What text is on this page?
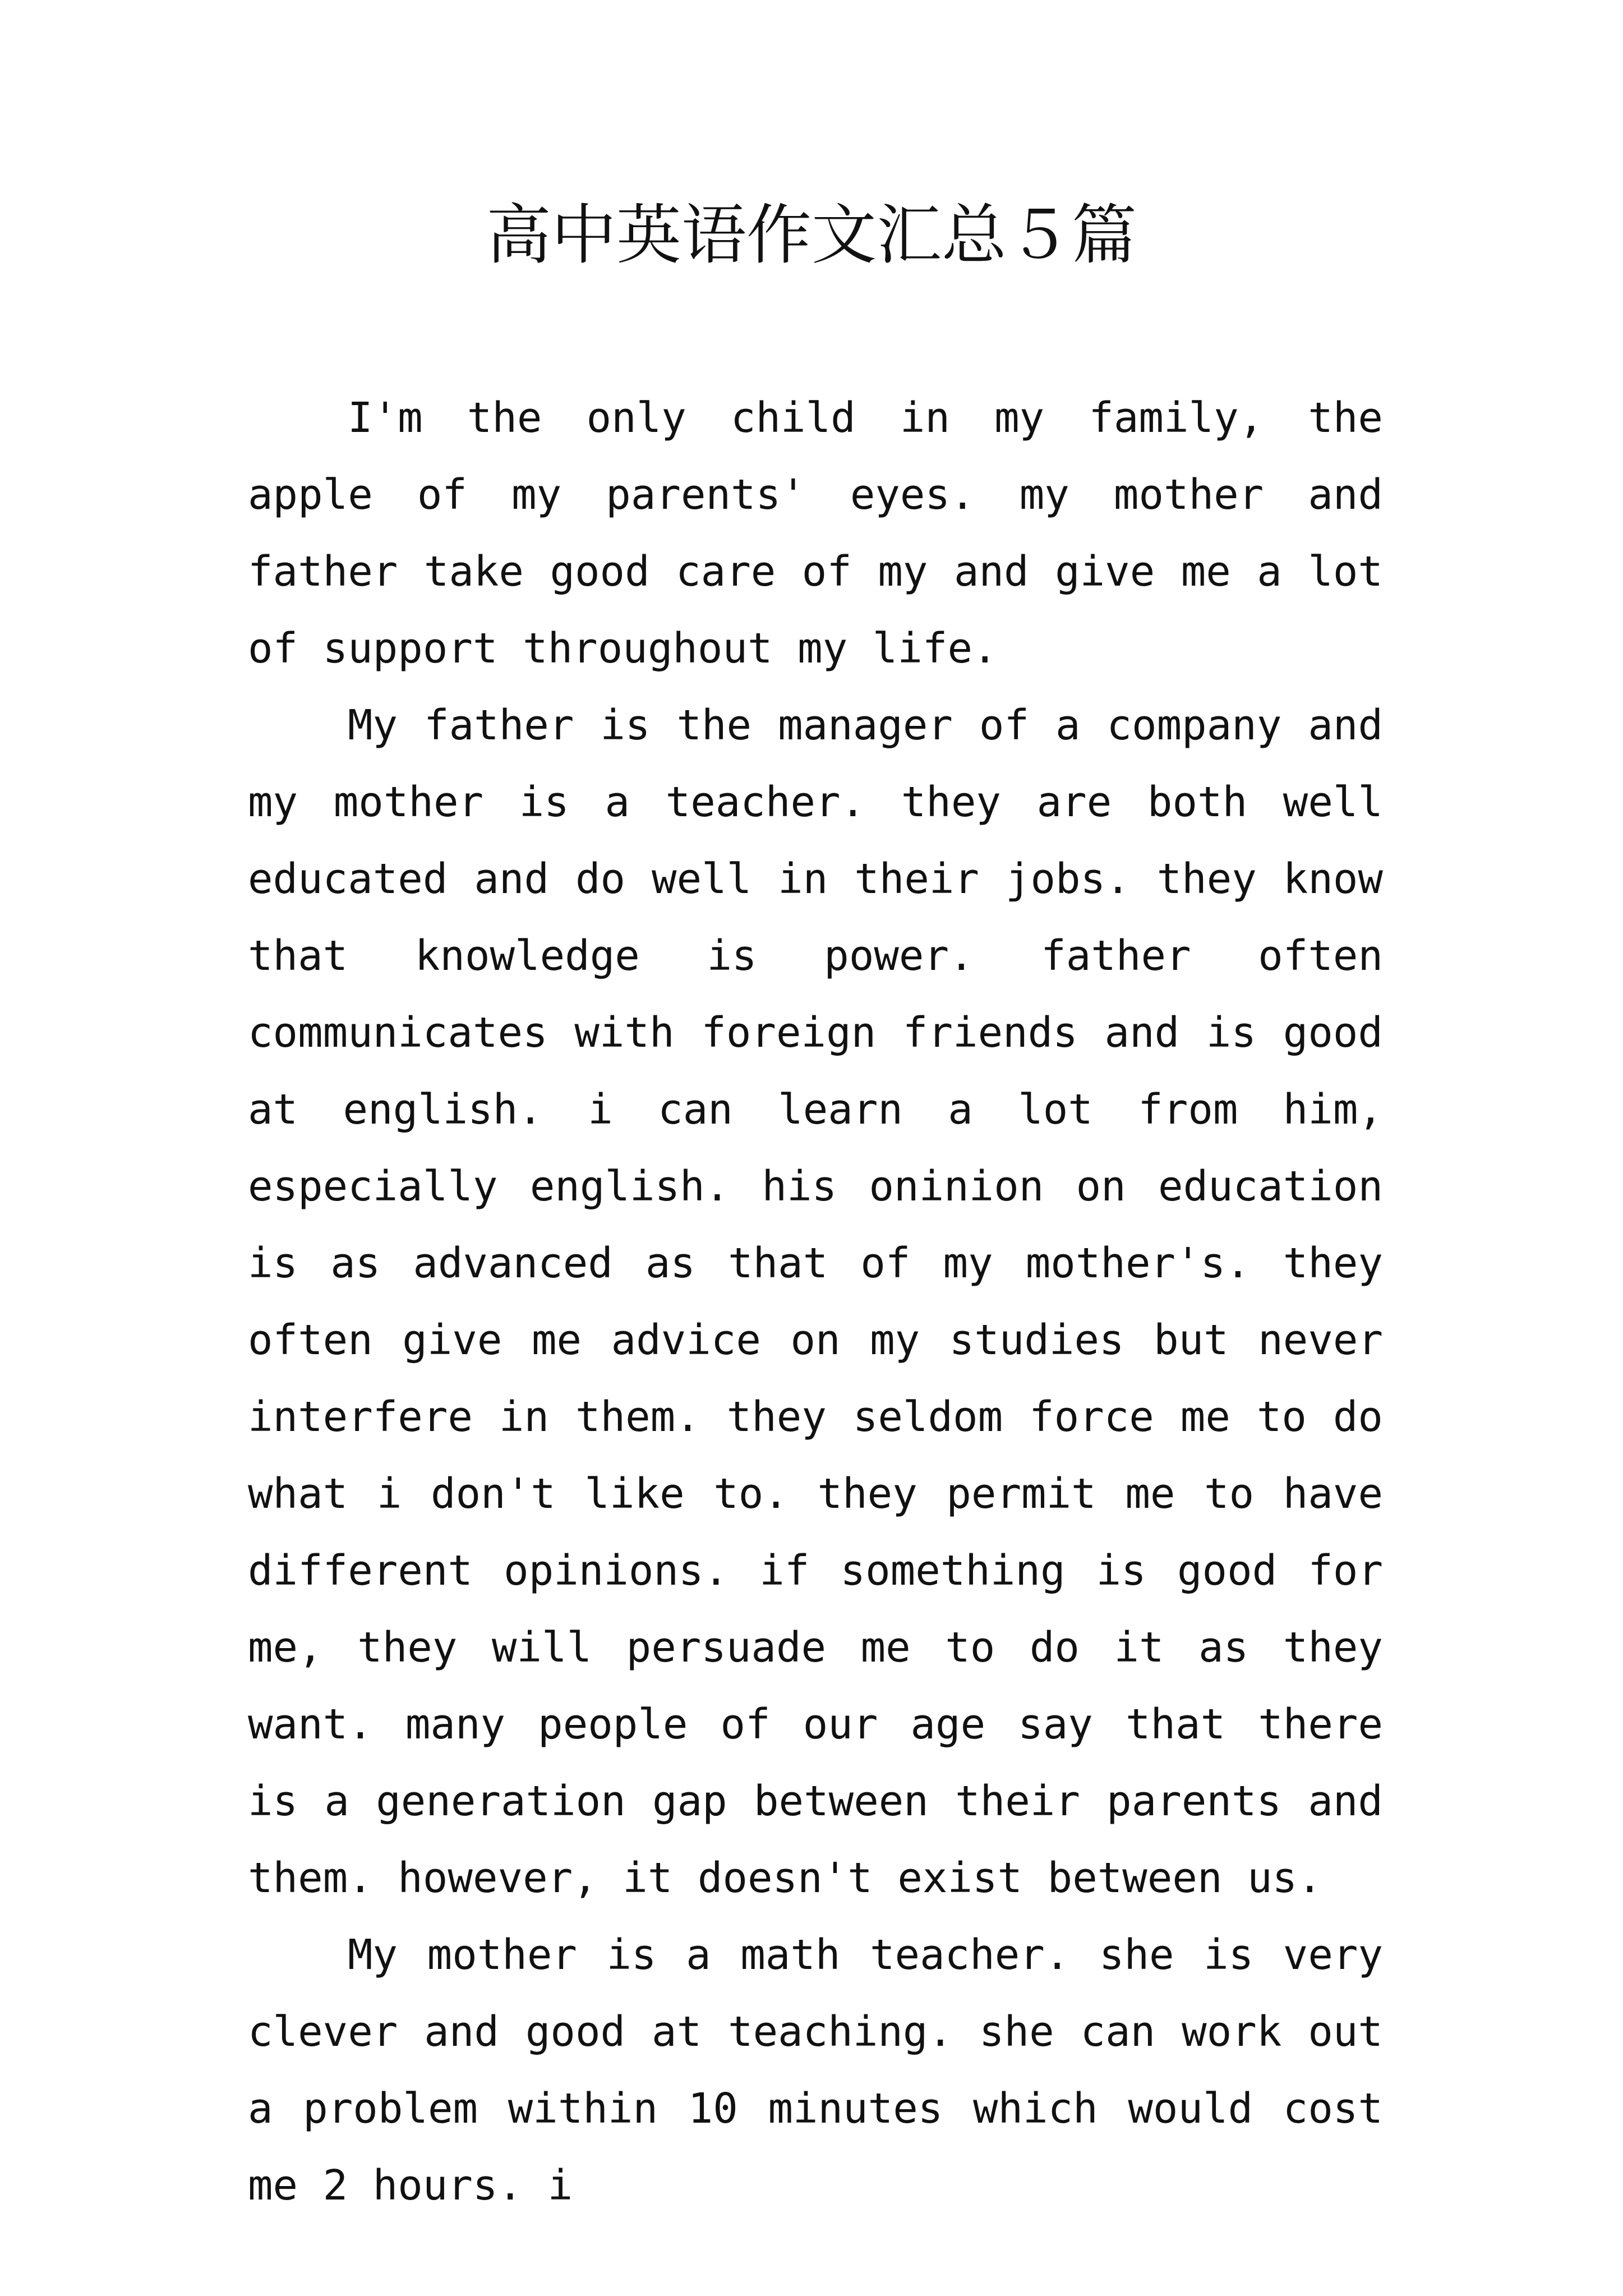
高中英语作文汇总５篇

I'm the only child in my family, the apple of my parents' eyes. my mother and father take good care of my and give me a lot of support throughout my life.

My father is the manager of a company and my mother is a teacher. they are both well educated and do well in their jobs. they know that knowledge is power. father often communicates with foreign friends and is good at english. i can learn a lot from him, especially english. his oninion on education is as advanced as that of my mother's. they often give me advice on my studies but never interfere in them. they seldom force me to do what i don't like to. they permit me to have different opinions. if something is good for me, they will persuade me to do it as they want. many people of our age say that there is a generation gap between their parents and them. however, it doesn't exist between us.

My mother is a math teacher. she is very clever and good at teaching. she can work out a problem within 10 minutes which would cost me 2 hours. i
